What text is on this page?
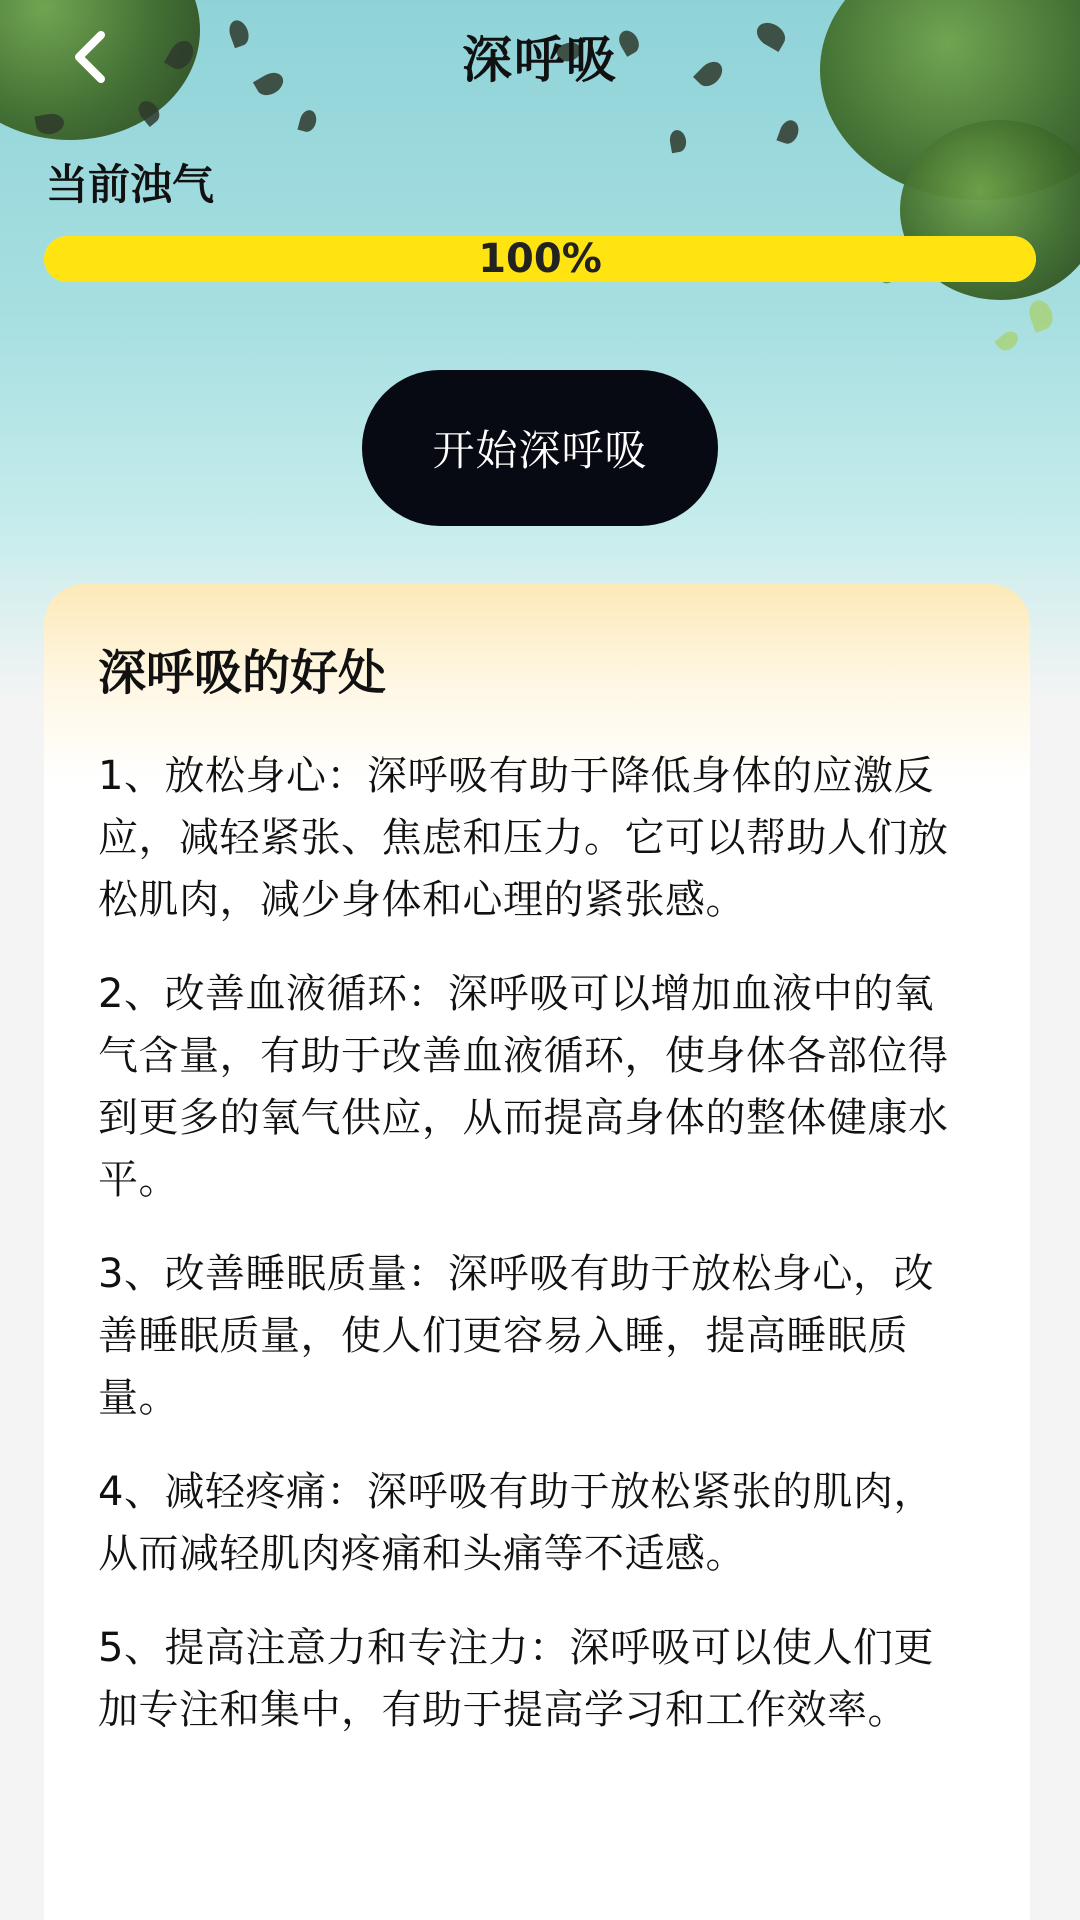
深呼吸
当前浊气
100%
开始深呼吸
深呼吸的好处

1、放松身心：深呼吸有助于降低身体的应激反应，减轻紧张、焦虑和压力。它可以帮助人们放松肌肉，减少身体和心理的紧张感。

2、改善血液循环：深呼吸可以增加血液中的氧气含量，有助于改善血液循环，使身体各部位得到更多的氧气供应，从而提高身体的整体健康水平。

3、改善睡眠质量：深呼吸有助于放松身心，改善睡眠质量，使人们更容易入睡，提高睡眠质量。

4、减轻疼痛：深呼吸有助于放松紧张的肌肉，从而减轻肌肉疼痛和头痛等不适感。

5、提高注意力和专注力：深呼吸可以使人们更加专注和集中，有助于提高学习和工作效率。
